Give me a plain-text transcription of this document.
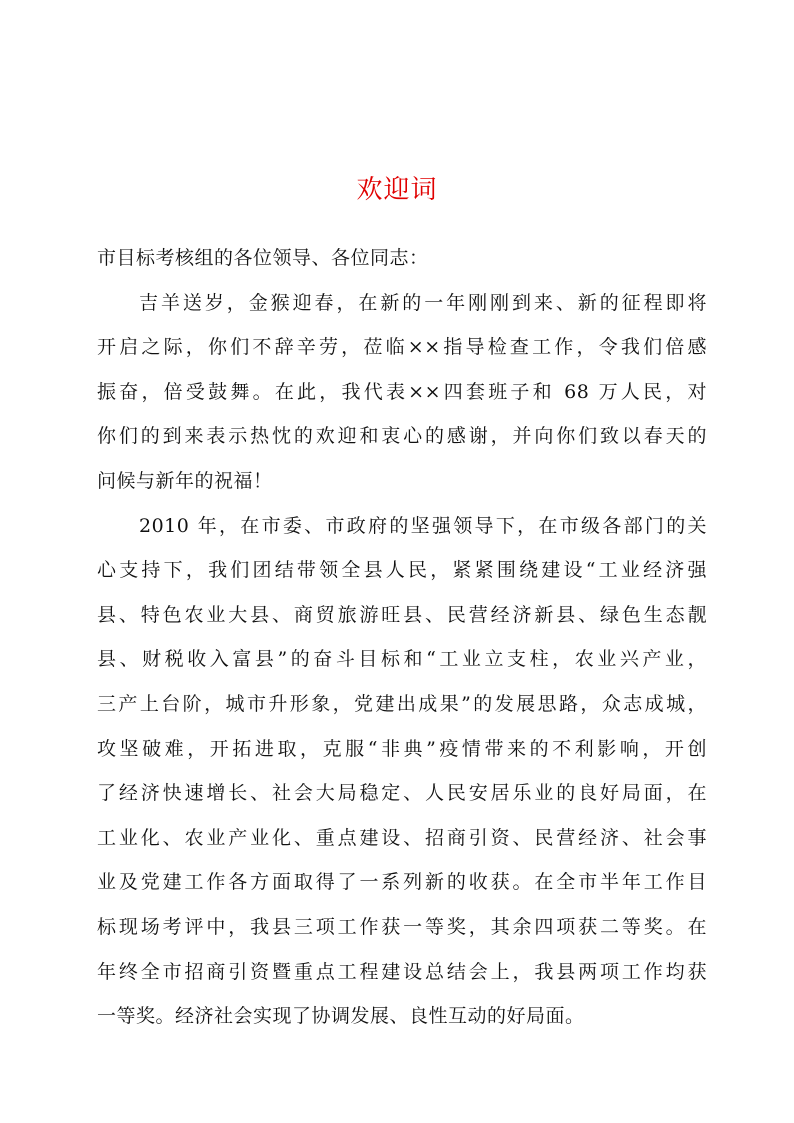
欢迎词
市目标考核组的各位领导、各位同志：
吉羊送岁，金猴迎春，在新的一年刚刚到来、新的征程即将
开启之际，你们不辞辛劳，莅临××指导检查工作，令我们倍感
振奋，倍受鼓舞。在此，我代表××四套班子和 68 万人民，对
你们的到来表示热忱的欢迎和衷心的感谢，并向你们致以春天的
问候与新年的祝福！
2010 年，在市委、市政府的坚强领导下，在市级各部门的关
心支持下，我们团结带领全县人民，紧紧围绕建设“工业经济强
县、特色农业大县、商贸旅游旺县、民营经济新县、绿色生态靓
县、财税收入富县”的奋斗目标和“工业立支柱，农业兴产业，
三产上台阶，城市升形象，党建出成果”的发展思路，众志成城，
攻坚破难，开拓进取，克服“非典”疫情带来的不利影响，开创
了经济快速增长、社会大局稳定、人民安居乐业的良好局面，在
工业化、农业产业化、重点建设、招商引资、民营经济、社会事
业及党建工作各方面取得了一系列新的收获。在全市半年工作目
标现场考评中，我县三项工作获一等奖，其余四项获二等奖。在
年终全市招商引资暨重点工程建设总结会上，我县两项工作均获
一等奖。经济社会实现了协调发展、良性互动的好局面。
